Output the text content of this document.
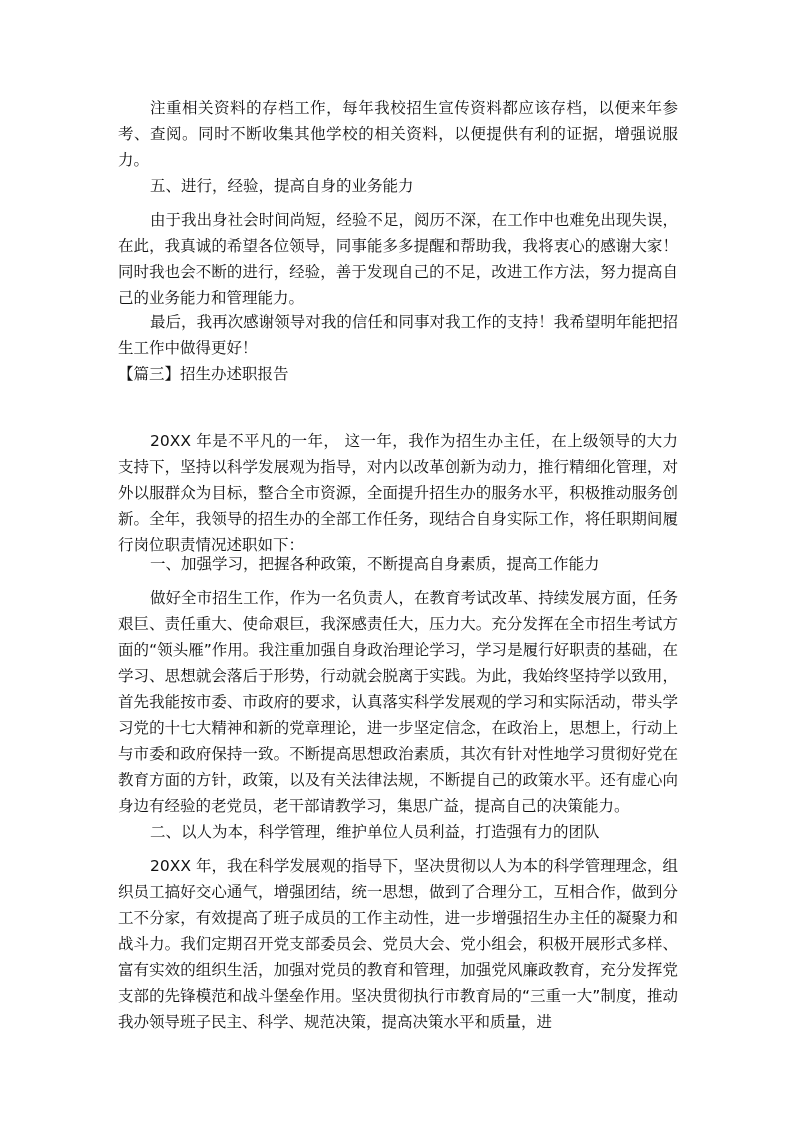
注重相关资料的存档工作，每年我校招生宣传资料都应该存档，以便来年参考、查阅。同时不断收集其他学校的相关资料，以便提供有利的证据，增强说服力。

五、进行，经验，提高自身的业务能力

由于我出身社会时间尚短，经验不足，阅历不深，在工作中也难免出现失误，在此，我真诚的希望各位领导，同事能多多提醒和帮助我，我将衷心的感谢大家！同时我也会不断的进行，经验，善于发现自己的不足，改进工作方法，努力提高自己的业务能力和管理能力。

最后，我再次感谢领导对我的信任和同事对我工作的支持！我希望明年能把招生工作中做得更好！

【篇三】招生办述职报告

20XX 年是不平凡的一年， 这一年，我作为招生办主任，在上级领导的大力支持下，坚持以科学发展观为指导，对内以改革创新为动力，推行精细化管理，对外以服群众为目标，整合全市资源，全面提升招生办的服务水平，积极推动服务创新。全年，我领导的招生办的全部工作任务，现结合自身实际工作，将任职期间履行岗位职责情况述职如下：

一、加强学习，把握各种政策，不断提高自身素质，提高工作能力

做好全市招生工作，作为一名负责人，在教育考试改革、持续发展方面，任务艰巨、责任重大、使命艰巨，我深感责任大，压力大。充分发挥在全市招生考试方面的“领头雁”作用。我注重加强自身政治理论学习，学习是履行好职责的基础，在学习、思想就会落后于形势，行动就会脱离于实践。为此，我始终坚持学以致用，首先我能按市委、市政府的要求，认真落实科学发展观的学习和实际活动，带头学习党的十七大精神和新的党章理论，进一步坚定信念，在政治上，思想上，行动上与市委和政府保持一致。不断提高思想政治素质，其次有针对性地学习贯彻好党在教育方面的方针，政策，以及有关法律法规，不断提自己的政策水平。还有虚心向身边有经验的老党员，老干部请教学习，集思广益，提高自己的决策能力。

二、以人为本，科学管理，维护单位人员利益，打造强有力的团队

20XX 年，我在科学发展观的指导下，坚决贯彻以人为本的科学管理理念，组织员工搞好交心通气，增强团结，统一思想，做到了合理分工，互相合作，做到分工不分家，有效提高了班子成员的工作主动性，进一步增强招生办主任的凝聚力和战斗力。我们定期召开党支部委员会、党员大会、党小组会，积极开展形式多样、富有实效的组织生活，加强对党员的教育和管理，加强党风廉政教育，充分发挥党支部的先锋模范和战斗堡垒作用。坚决贯彻执行市教育局的“三重一大”制度，推动我办领导班子民主、科学、规范决策，提高决策水平和质量，进
